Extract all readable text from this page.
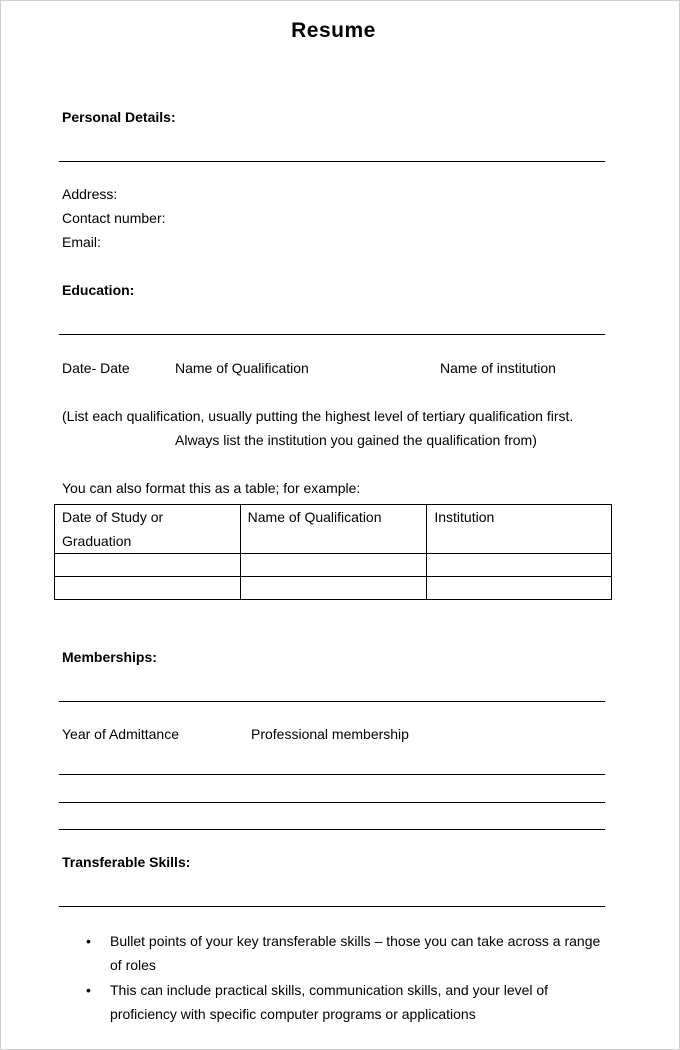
Resume
Personal Details:
Address:
Contact number:
Email:
Education:
Date- Date	Name of Qualification	Name of institution
(List each qualification, usually putting the highest level of tertiary qualification first.
Always list the institution you gained the qualification from)
You can also format this as a table; for example:
Date of Study or Graduation	Name of Qualification	Institution

Memberships:
Year of Admittance	Professional membership
Transferable Skills:
• Bullet points of your key transferable skills – those you can take across a range of roles
• This can include practical skills, communication skills, and your level of proficiency with specific computer programs or applications
